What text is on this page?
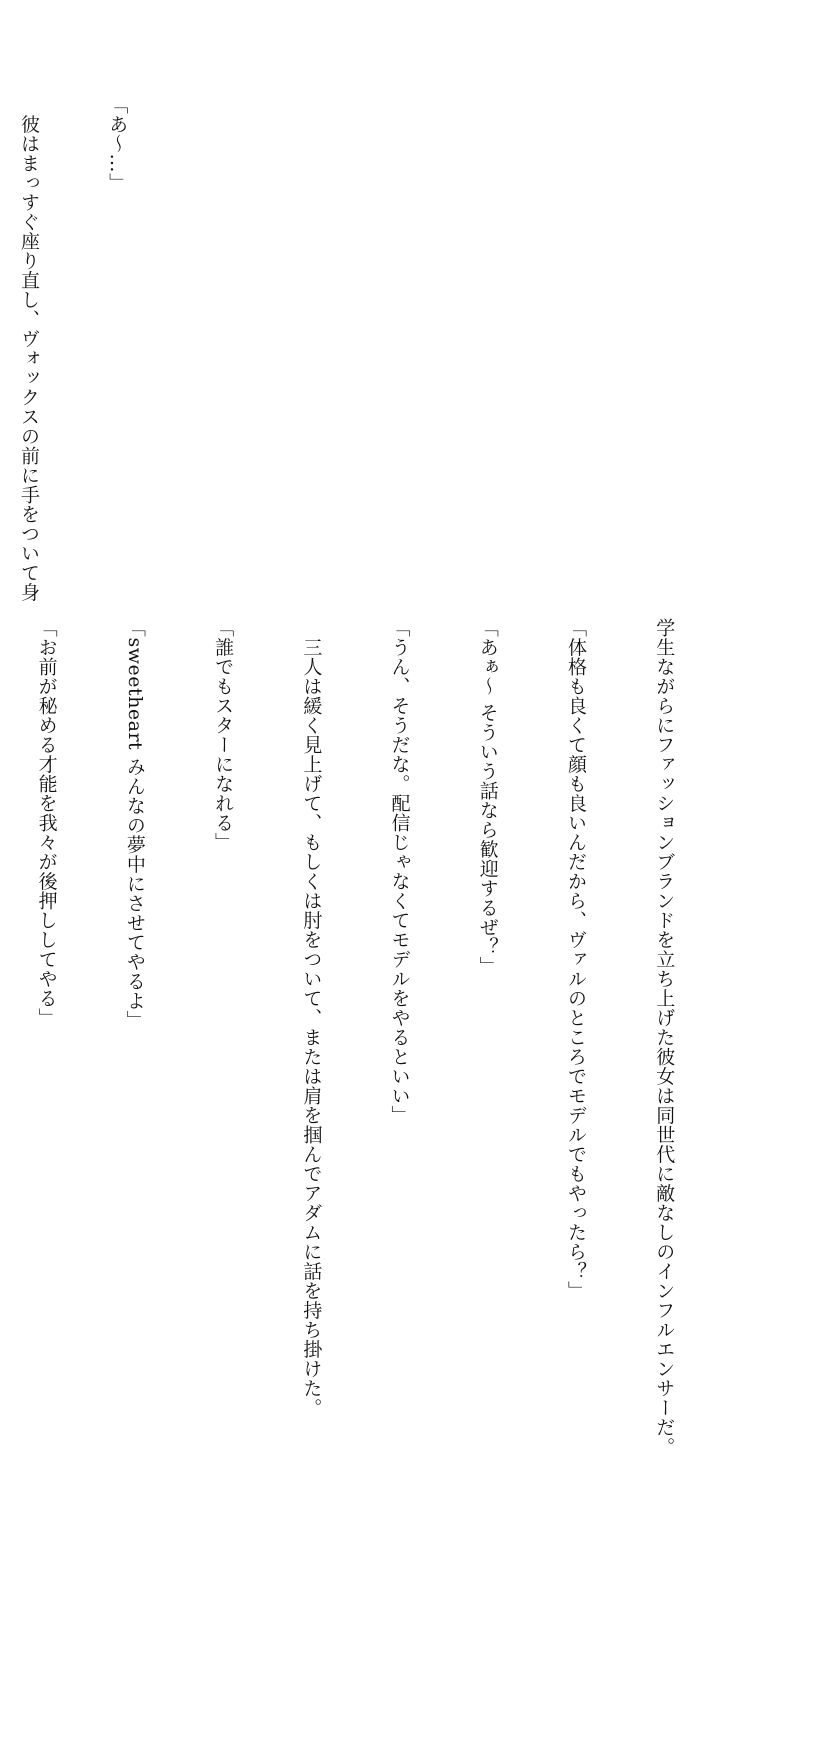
「あ～…」

　彼はまっすぐ座り直し、ヴォックスの前に手をついて身

学生ながらにファッションブランドを立ち上げた彼女は同世代に敵なしのインフルエンサーだ。

「体格も良くて顔も良いんだから、ヴァルのところでモデルでもやったら？」

「あぁ～ そういう話なら歓迎するぜ？」

「うん、そうだな。配信じゃなくてモデルをやるといい」

　三人は緩く見上げて、もしくは肘をついて、または肩を掴んでアダムに話を持ち掛けた。

「誰でもスターになれる」

「sweetheart みんなの夢中にさせてやるよ」

「お前が秘める才能を我々が後押ししてやる」
